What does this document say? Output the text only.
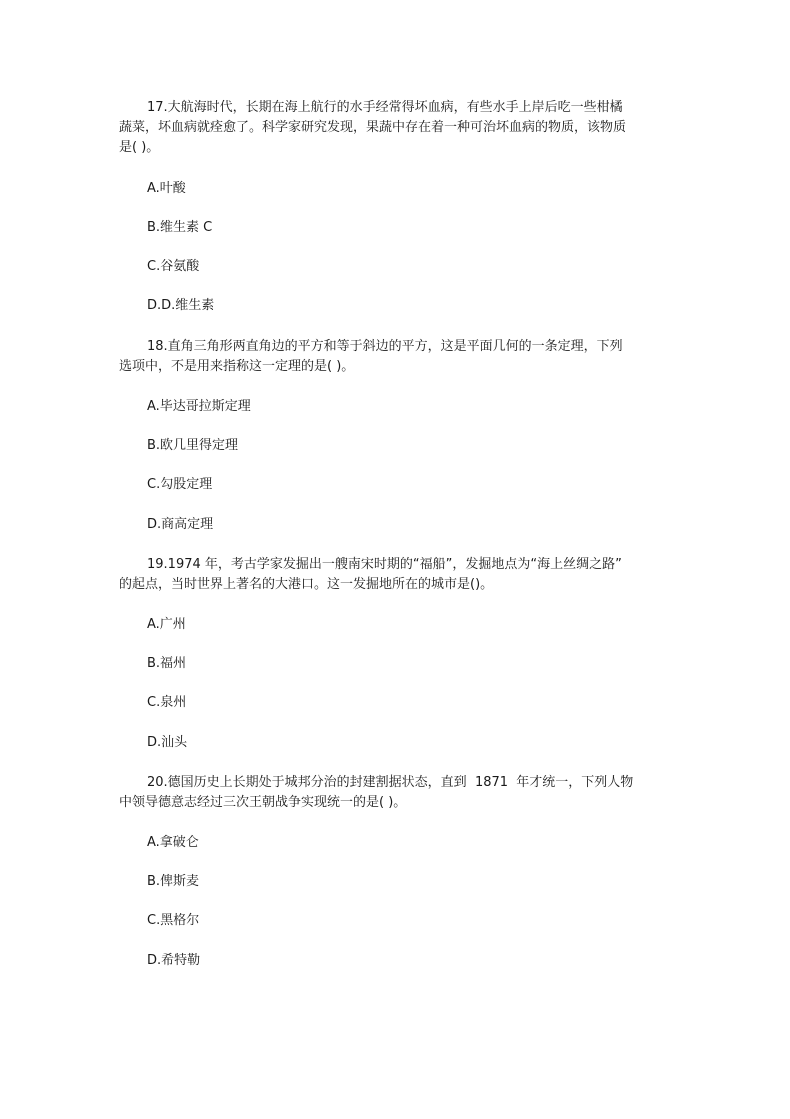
17.大航海时代，长期在海上航行的水手经常得坏血病，有些水手上岸后吃一些柑橘
蔬菜，坏血病就痊愈了。科学家研究发现，果蔬中存在着一种可治坏血病的物质，该物质
是( )。
A.叶酸
B.维生素 C
C.谷氨酸
D.D.维生素
18.直角三角形两直角边的平方和等于斜边的平方，这是平面几何的一条定理，下列
选项中，不是用来指称这一定理的是( )。
A.毕达哥拉斯定理
B.欧几里得定理
C.勾股定理
D.商高定理
19.1974 年，考古学家发掘出一艘南宋时期的“福船”，发掘地点为“海上丝绸之路”
的起点，当时世界上著名的大港口。这一发掘地所在的城市是()。
A.广州
B.福州
C.泉州
D.汕头
20.德国历史上长期处于城邦分治的封建割据状态，直到  1871  年才统一，下列人物
中领导德意志经过三次王朝战争实现统一的是( )。
A.拿破仑
B.俾斯麦
C.黑格尔
D.希特勒
